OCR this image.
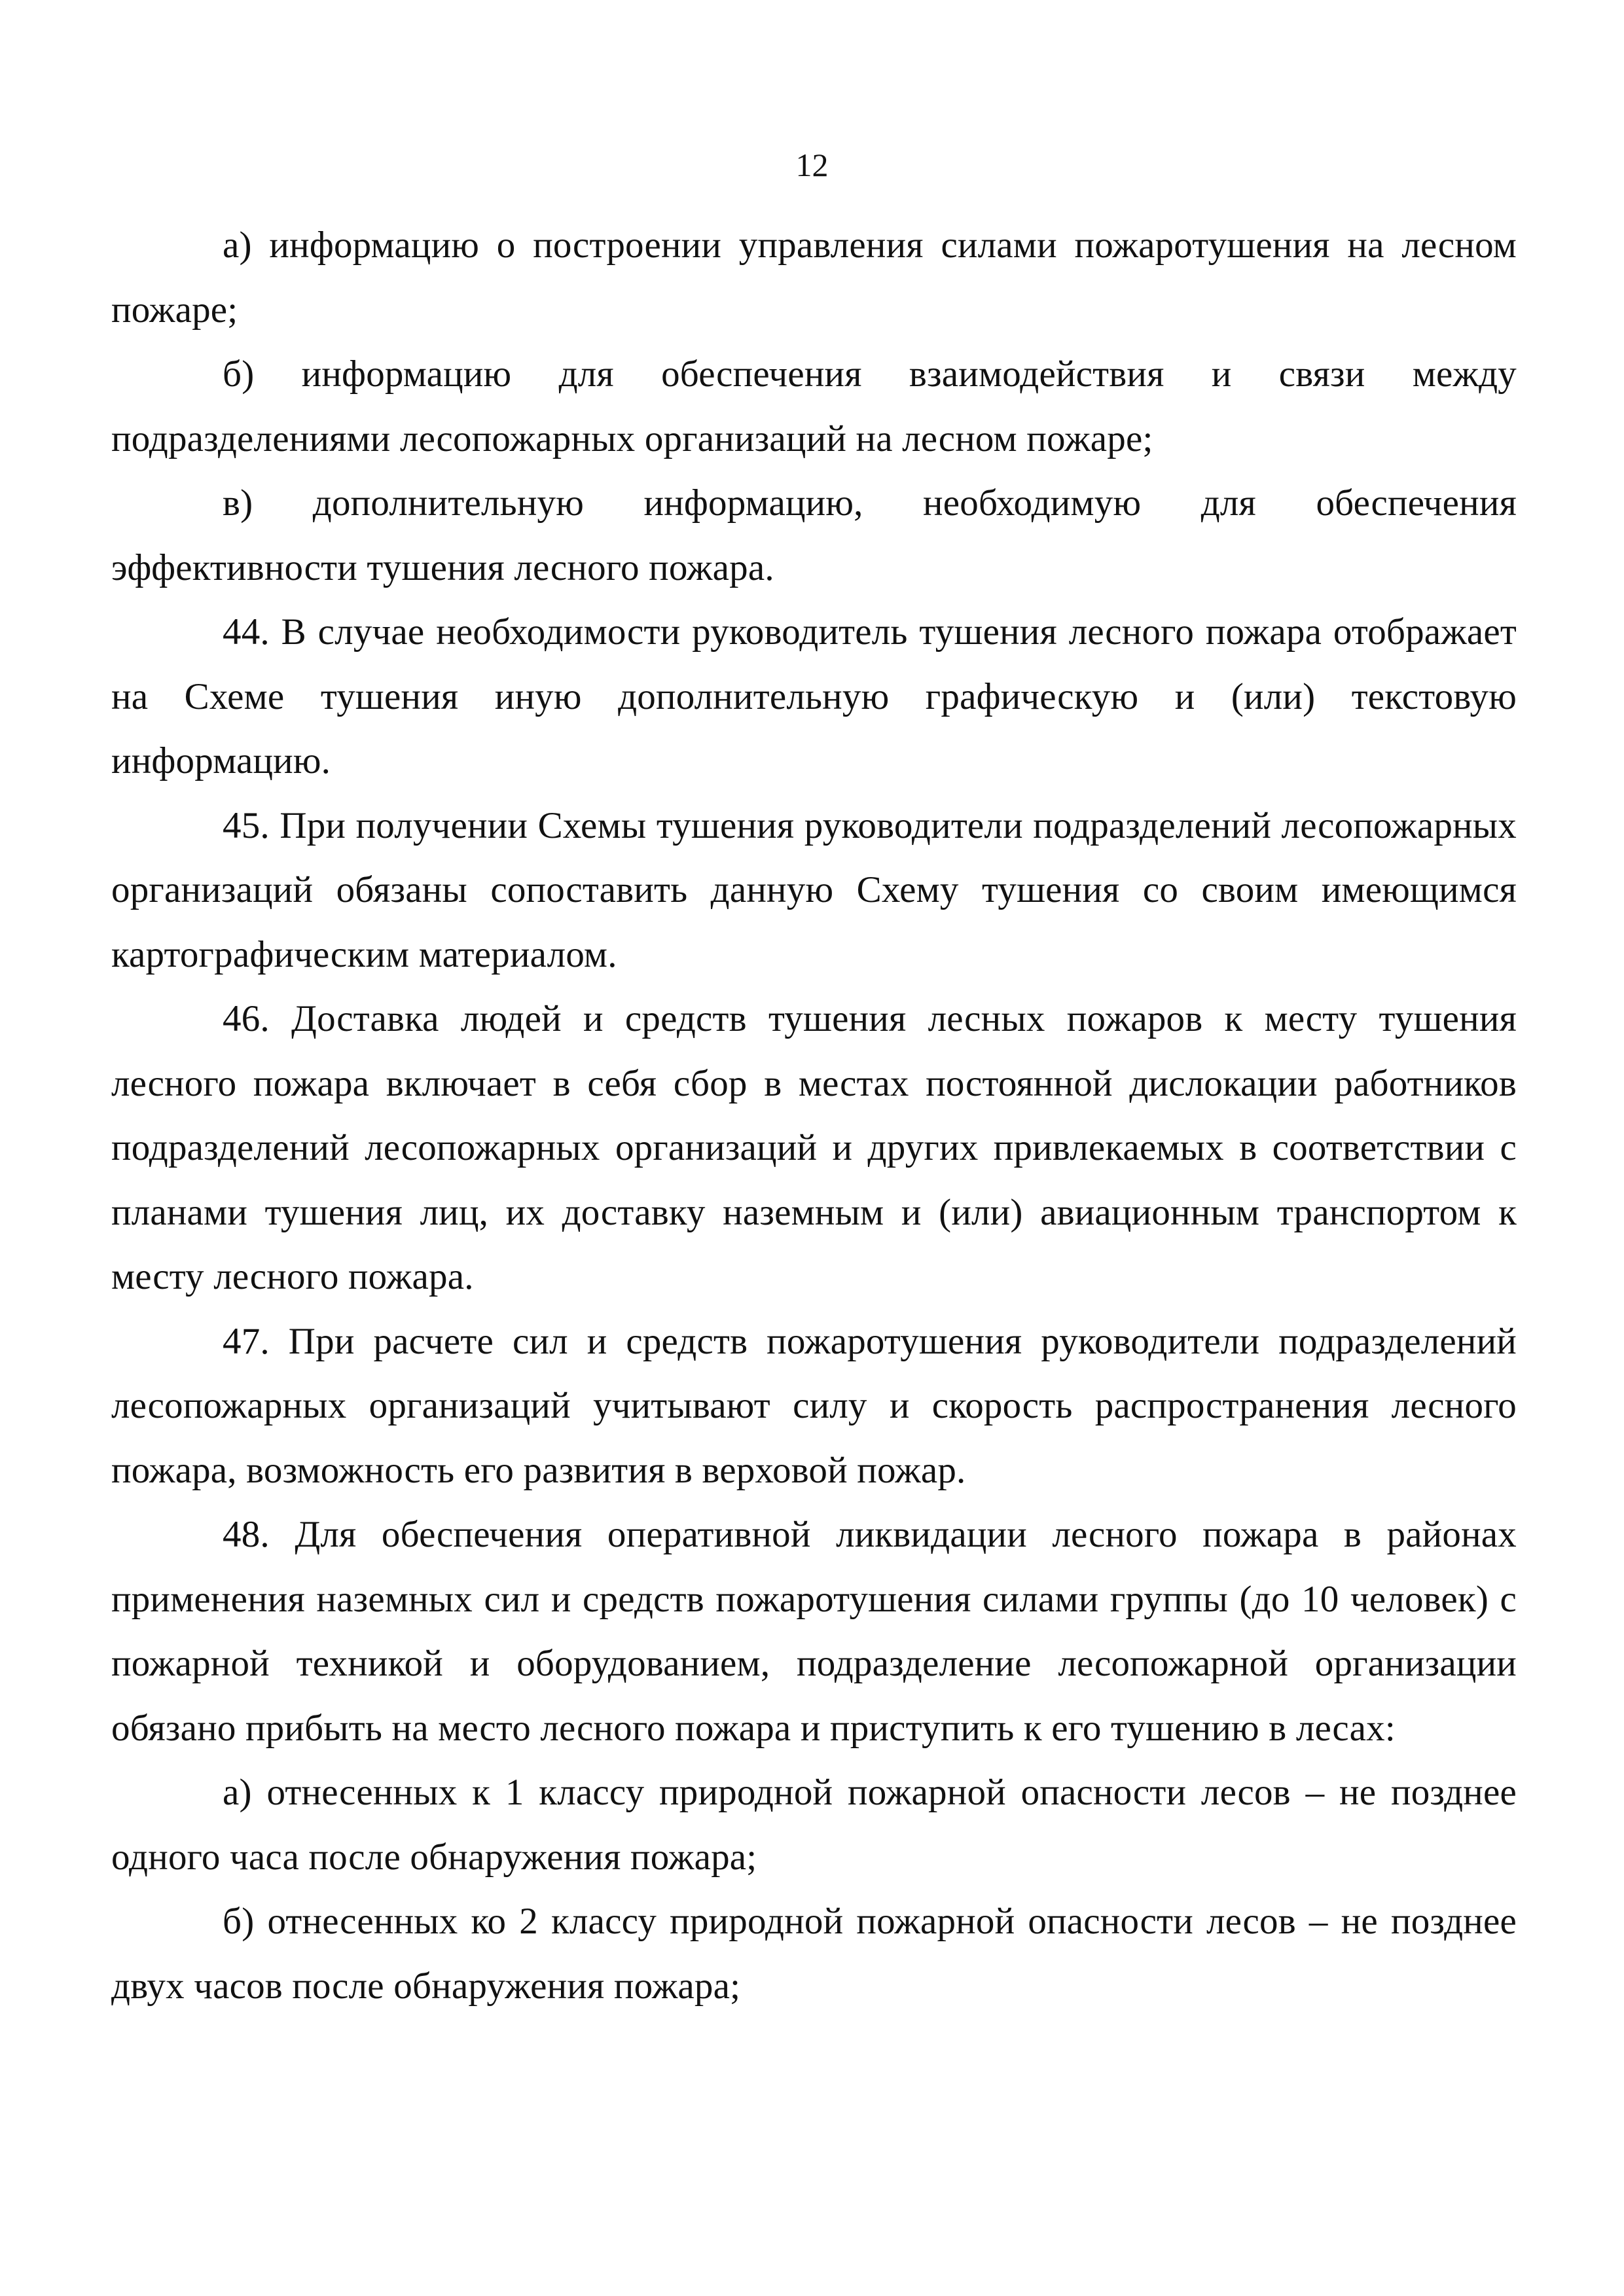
12

а) информацию о построении управления силами пожаротушения на лесном пожаре;

б) информацию для обеспечения взаимодействия и связи между подразделениями лесопожарных организаций на лесном пожаре;

в) дополнительную информацию, необходимую для обеспечения эффективности тушения лесного пожара.

44. В случае необходимости руководитель тушения лесного пожара отображает на Схеме тушения иную дополнительную графическую и (или) текстовую информацию.

45. При получении Схемы тушения руководители подразделений лесопожарных организаций обязаны сопоставить данную Схему тушения со своим имеющимся картографическим материалом.

46. Доставка людей и средств тушения лесных пожаров к месту тушения лесного пожара включает в себя сбор в местах постоянной дислокации работников подразделений лесопожарных организаций и других привлекаемых в соответствии с планами тушения лиц, их доставку наземным и (или) авиационным транспортом к месту лесного пожара.

47. При расчете сил и средств пожаротушения руководители подразделений лесопожарных организаций учитывают силу и скорость распространения лесного пожара, возможность его развития в верховой пожар.

48. Для обеспечения оперативной ликвидации лесного пожара в районах применения наземных сил и средств пожаротушения силами группы (до 10 человек) с пожарной техникой и оборудованием, подразделение лесопожарной организации обязано прибыть на место лесного пожара и приступить к его тушению в лесах:

а) отнесенных к 1 классу природной пожарной опасности лесов – не позднее одного часа после обнаружения пожара;

б) отнесенных ко 2 классу природной пожарной опасности лесов – не позднее двух часов после обнаружения пожара;
